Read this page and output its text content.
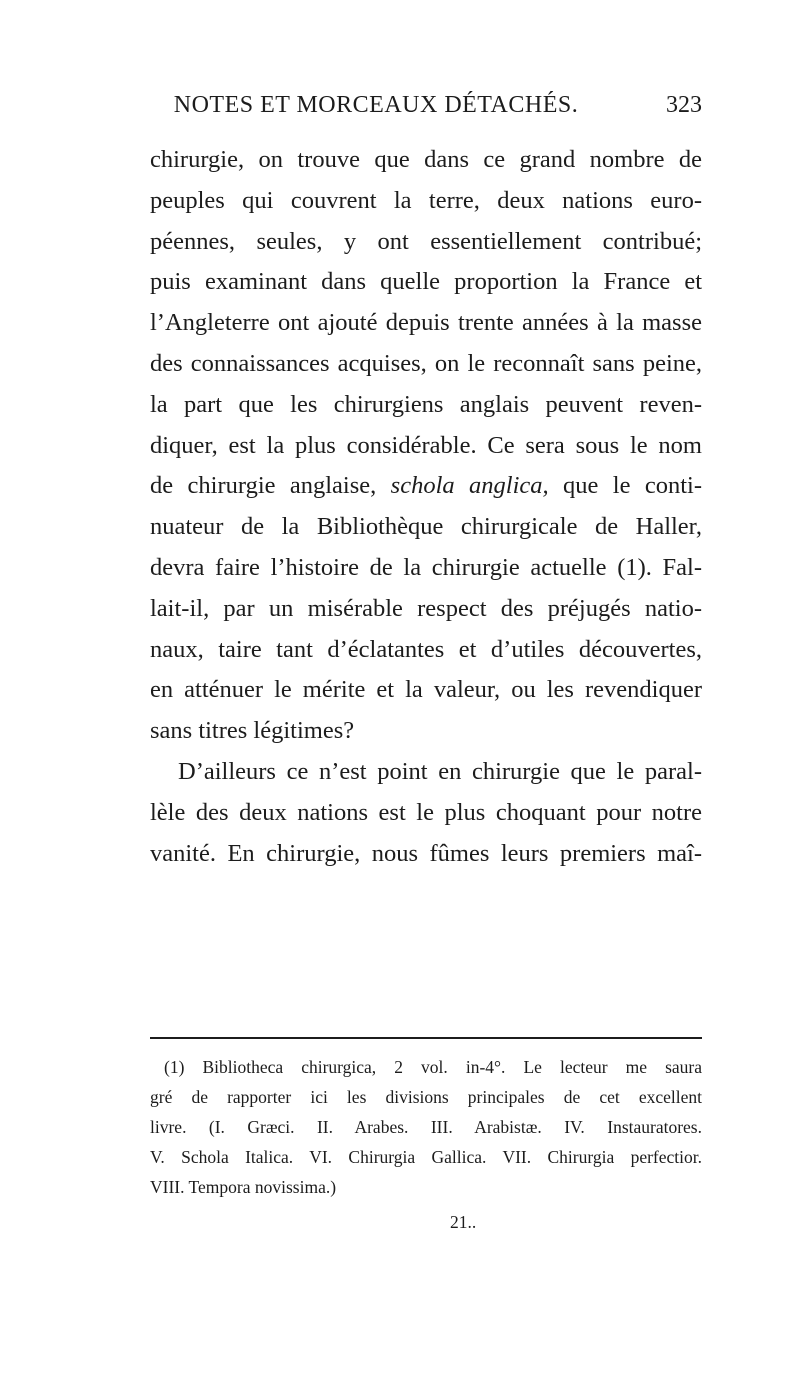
NOTES ET MORCEAUX DÉTACHÉS.	323
chirurgie, on trouve que dans ce grand nombre de
peuples qui couvrent la terre, deux nations euro-
péennes, seules, y ont essentiellement contribué;
puis examinant dans quelle proportion la France et
l’Angleterre ont ajouté depuis trente années à la masse
des connaissances acquises, on le reconnaît sans peine,
la part que les chirurgiens anglais peuvent reven-
diquer, est la plus considérable. Ce sera sous le nom
de chirurgie anglaise, schola anglica, que le conti-
nuateur de la Bibliothèque chirurgicale de Haller,
devra faire l’histoire de la chirurgie actuelle (1). Fal-
lait-il, par un misérable respect des préjugés natio-
naux, taire tant d’éclatantes et d’utiles découvertes,
en atténuer le mérite et la valeur, ou les revendiquer
sans titres légitimes?
D’ailleurs ce n’est point en chirurgie que le paral-
lèle des deux nations est le plus choquant pour notre
vanité. En chirurgie, nous fûmes leurs premiers maî-
(1) Bibliotheca chirurgica, 2 vol. in-4°. Le lecteur me saura
gré de rapporter ici les divisions principales de cet excellent
livre. (I. Græci. II. Arabes. III. Arabistæ. IV. Instauratores.
V. Schola Italica. VI. Chirurgia Gallica. VII. Chirurgia perfectior.
VIII. Tempora novissima.)
21..
